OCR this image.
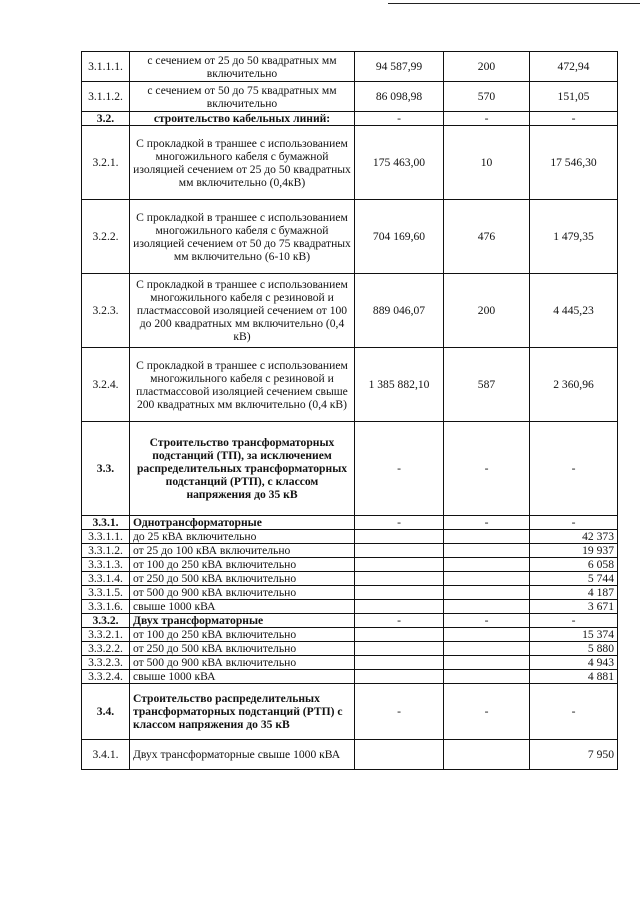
3.1.1.1.	с сечением от 25 до 50 квадратных мм включительно	94 587,99	200	472,94
3.1.1.2.	с сечением от 50 до 75 квадратных мм включительно	86 098,98	570	151,05
3.2.	строительство кабельных линий:	-	-	-
3.2.1.	С прокладкой в траншее с использованием многожильного кабеля с бумажной изоляцией сечением от 25 до 50 квадратных мм включительно (0,4кВ)	175 463,00	10	17 546,30
3.2.2.	С прокладкой в траншее с использованием многожильного кабеля с бумажной изоляцией сечением от 50 до 75 квадратных мм включительно (6-10 кВ)	704 169,60	476	1 479,35
3.2.3.	С прокладкой в траншее с использованием многожильного кабеля с резиновой и пластмассовой изоляцией сечением от 100 до 200 квадратных мм включительно (0,4 кВ)	889 046,07	200	4 445,23
3.2.4.	С прокладкой в траншее с использованием многожильного кабеля с резиновой и пластмассовой изоляцией сечением свыше 200 квадратных мм включительно (0,4 кВ)	1 385 882,10	587	2 360,96
3.3.	Строительство трансформаторных подстанций (ТП), за исключением распределительных трансформаторных подстанций (РТП), с классом напряжения до 35 кВ	-	-	-
3.3.1.	Однотрансформаторные	-	-	-
3.3.1.1.	до 25 кВА включительно			42 373
3.3.1.2.	от 25 до 100 кВА включительно			19 937
3.3.1.3.	от 100 до 250 кВА включительно			6 058
3.3.1.4.	от 250 до 500 кВА включительно			5 744
3.3.1.5.	от 500 до 900 кВА включительно			4 187
3.3.1.6.	свыше 1000 кВА			3 671
3.3.2.	Двух трансформаторные	-	-	-
3.3.2.1.	от 100 до 250 кВА включительно			15 374
3.3.2.2.	от 250 до 500 кВА включительно			5 880
3.3.2.3.	от 500 до 900 кВА включительно			4 943
3.3.2.4.	свыше 1000 кВА			4 881
3.4.	Строительство распределительных трансформаторных подстанций (РТП) с классом напряжения до 35 кВ	-	-	-
3.4.1.	Двух трансформаторные свыше 1000 кВА			7 950
